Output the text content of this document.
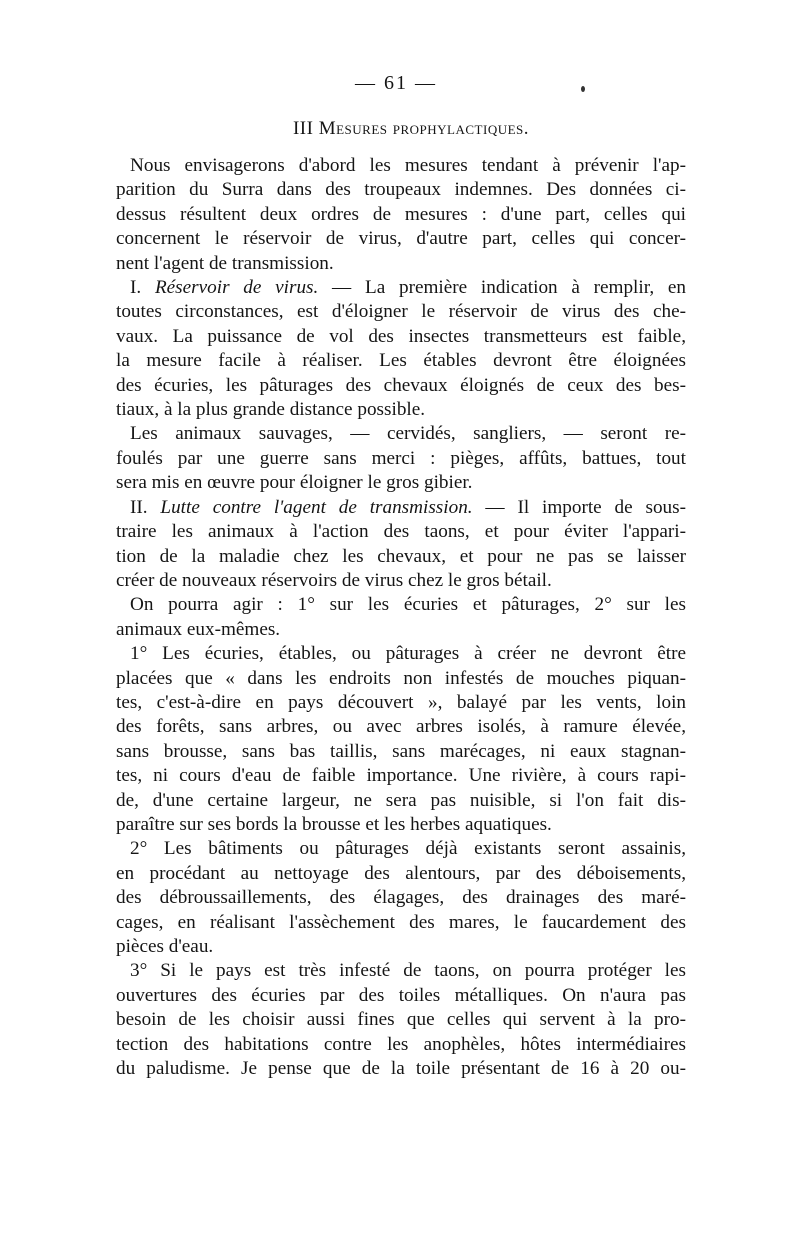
— 61 —
III Mesures prophylactiques.

Nous envisagerons d'abord les mesures tendant à prévenir l'ap-
parition du Surra dans des troupeaux indemnes. Des données ci-
dessus résultent deux ordres de mesures : d'une part, celles qui
concernent le réservoir de virus, d'autre part, celles qui concer-
nent l'agent de transmission.

I. Réservoir de virus. — La première indication à remplir, en
toutes circonstances, est d'éloigner le réservoir de virus des che-
vaux. La puissance de vol des insectes transmetteurs est faible,
la mesure facile à réaliser. Les étables devront être éloignées
des écuries, les pâturages des chevaux éloignés de ceux des bes-
tiaux, à la plus grande distance possible.

Les animaux sauvages, — cervidés, sangliers, — seront re-
foulés par une guerre sans merci : pièges, affûts, battues, tout
sera mis en œuvre pour éloigner le gros gibier.

II. Lutte contre l'agent de transmission. — Il importe de sous-
traire les animaux à l'action des taons, et pour éviter l'appari-
tion de la maladie chez les chevaux, et pour ne pas se laisser
créer de nouveaux réservoirs de virus chez le gros bétail.

On pourra agir : 1° sur les écuries et pâturages, 2° sur les
animaux eux-mêmes.

1° Les écuries, étables, ou pâturages à créer ne devront être
placées que « dans les endroits non infestés de mouches piquan-
tes, c'est-à-dire en pays découvert », balayé par les vents, loin
des forêts, sans arbres, ou avec arbres isolés, à ramure élevée,
sans brousse, sans bas taillis, sans marécages, ni eaux stagnan-
tes, ni cours d'eau de faible importance. Une rivière, à cours rapi-
de, d'une certaine largeur, ne sera pas nuisible, si l'on fait dis-
paraître sur ses bords la brousse et les herbes aquatiques.

2° Les bâtiments ou pâturages déjà existants seront assainis,
en procédant au nettoyage des alentours, par des déboisements,
des débroussaillements, des élagages, des drainages des maré-
cages, en réalisant l'assèchement des mares, le faucardement des
pièces d'eau.

3° Si le pays est très infesté de taons, on pourra protéger les
ouvertures des écuries par des toiles métalliques. On n'aura pas
besoin de les choisir aussi fines que celles qui servent à la pro-
tection des habitations contre les anophèles, hôtes intermédiaires
du paludisme. Je pense que de la toile présentant de 16 à 20 ou-
